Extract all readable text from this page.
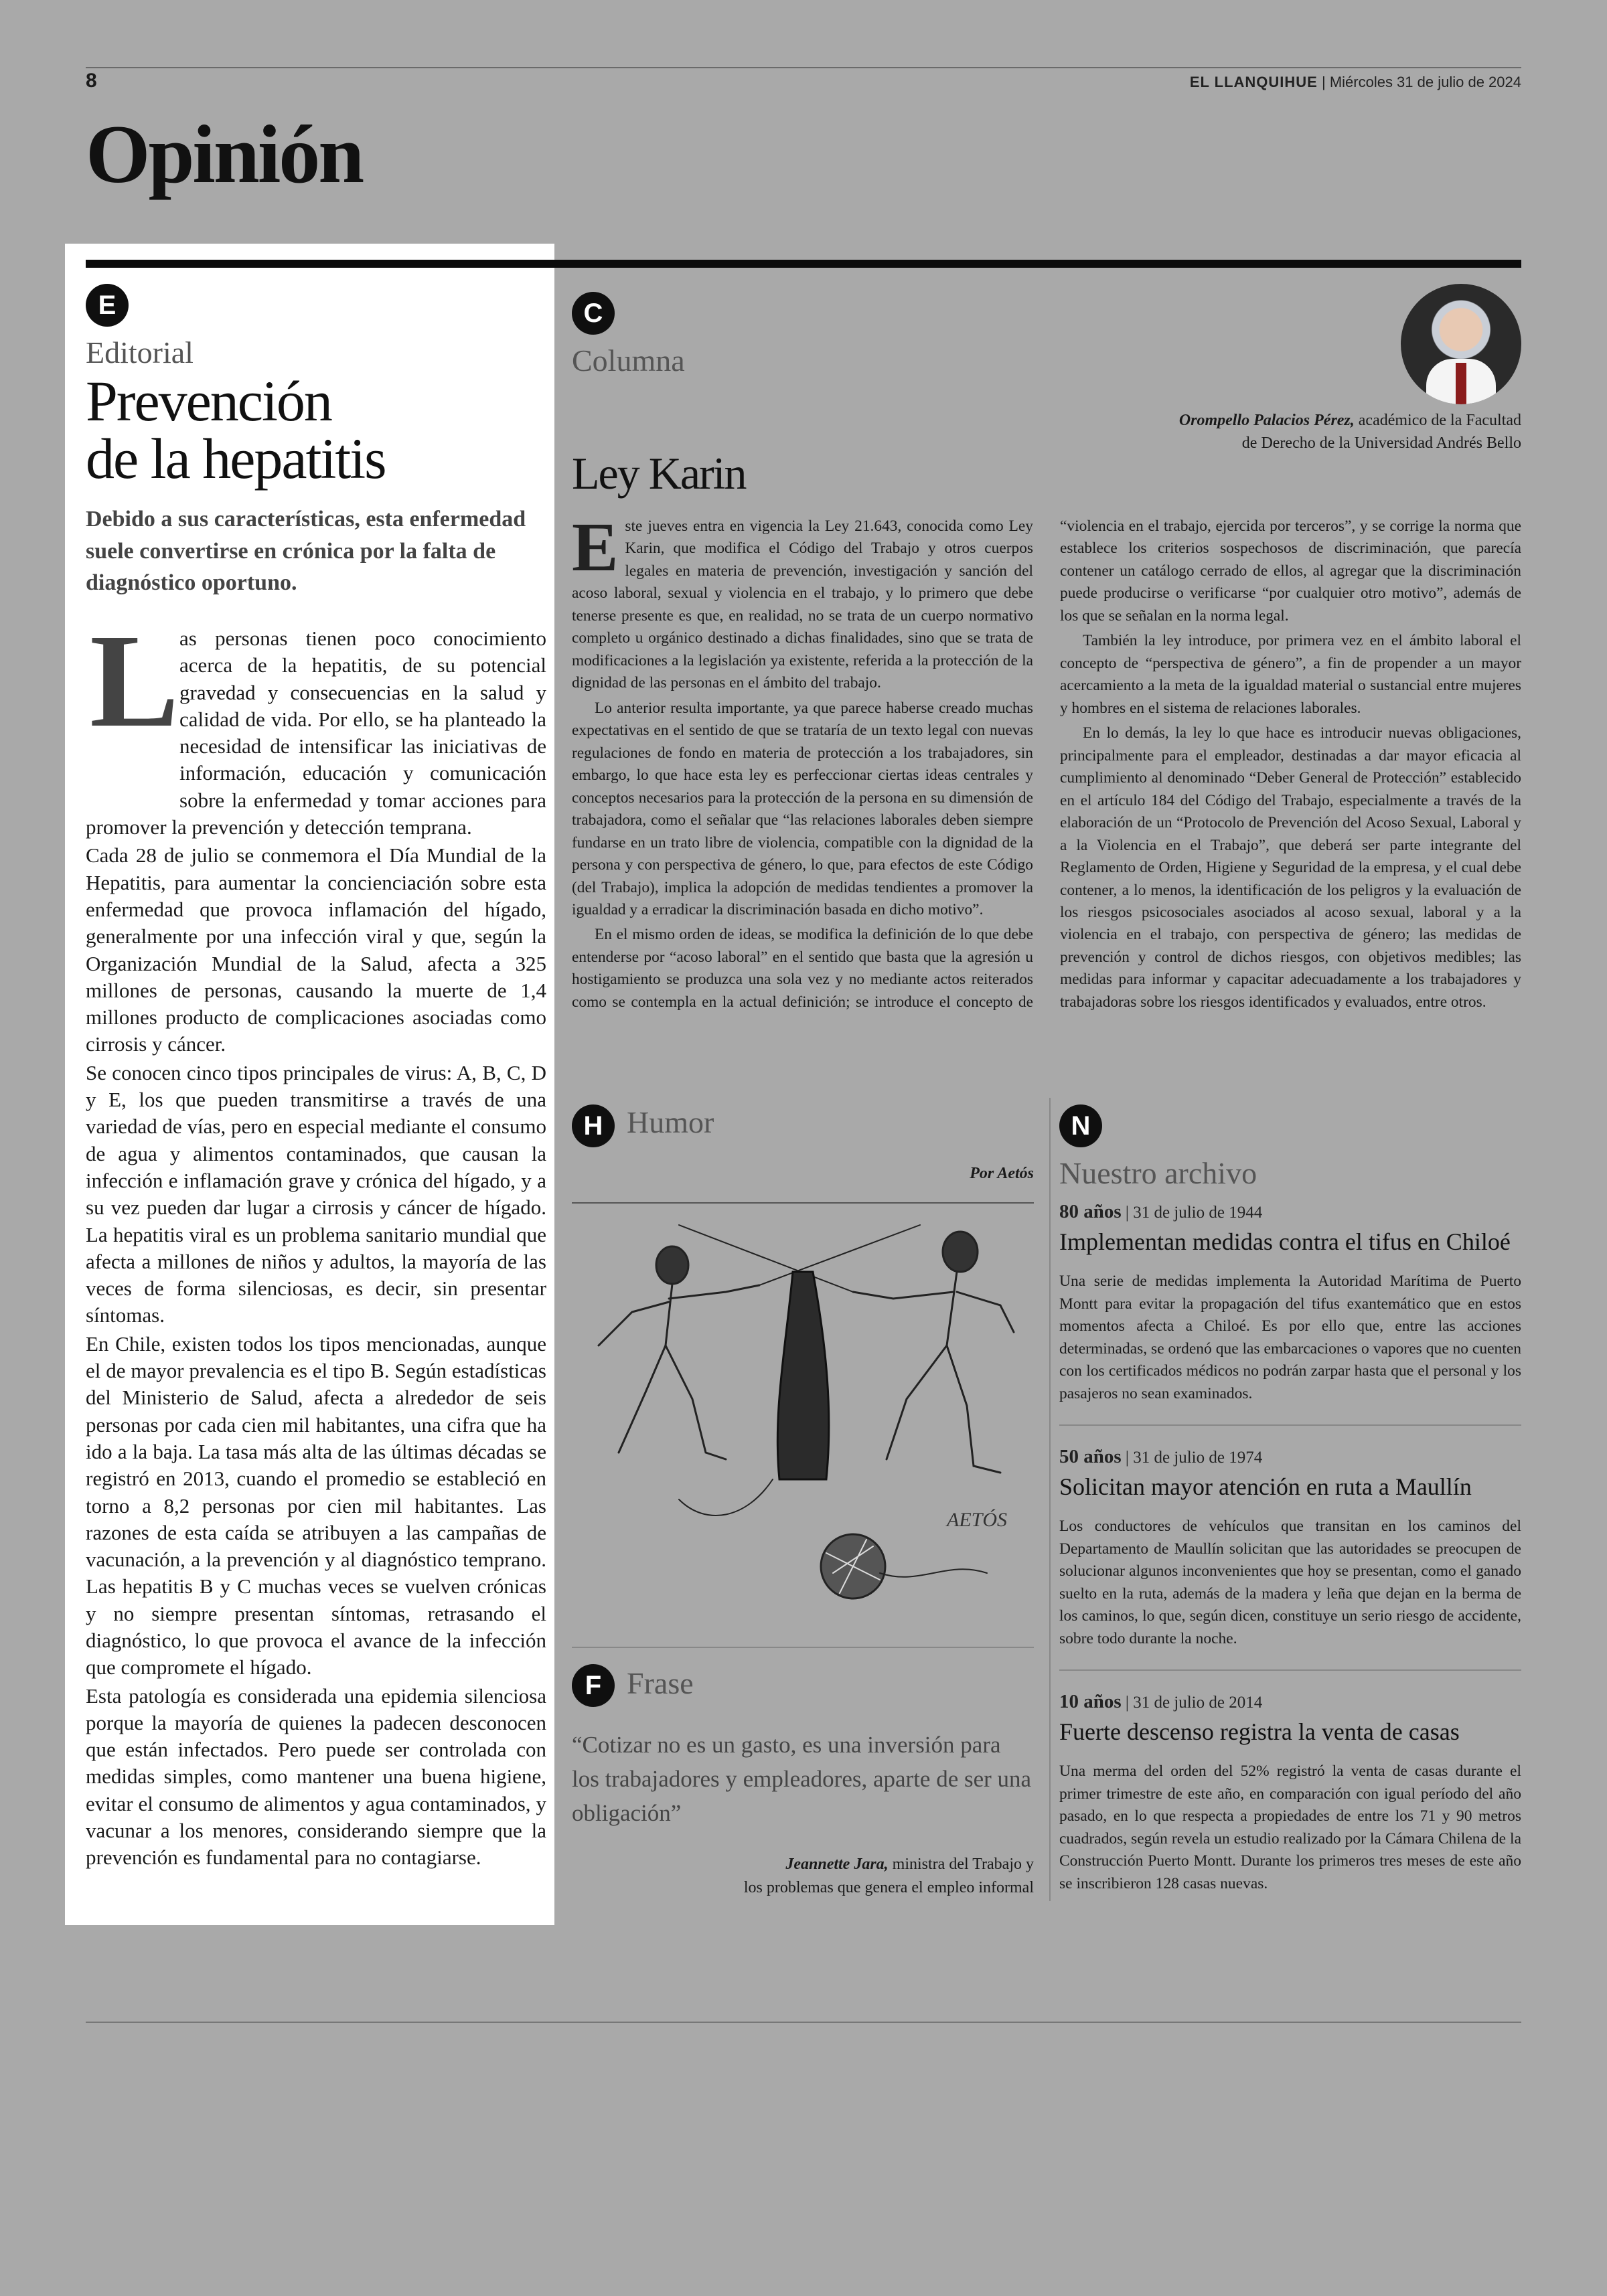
8	EL LLANQUIHUE | Miércoles 31 de julio de 2024
Opinión
E
Editorial
Prevención
de la hepatitis
Debido a sus características, esta enfermedad suele convertirse en crónica por la falta de diagnóstico oportuno.
L as personas tienen poco conocimiento acerca de la hepatitis, de su potencial gravedad y consecuencias en la salud y calidad de vida. Por ello, se ha planteado la necesidad de intensificar las iniciativas de información, educación y comunicación sobre la enfermedad y tomar acciones para promover la prevención y detección temprana.

Cada 28 de julio se conmemora el Día Mundial de la Hepatitis, para aumentar la concienciación sobre esta enfermedad que provoca inflamación del hígado, generalmente por una infección viral y que, según la Organización Mundial de la Salud, afecta a 325 millones de personas, causando la muerte de 1,4 millones producto de complicaciones asociadas como cirrosis y cáncer.

Se conocen cinco tipos principales de virus: A, B, C, D y E, los que pueden transmitirse a través de una variedad de vías, pero en especial mediante el consumo de agua y alimentos contaminados, que causan la infección e inflamación grave y crónica del hígado, y a su vez pueden dar lugar a cirrosis y cáncer de hígado. La hepatitis viral es un problema sanitario mundial que afecta a millones de niños y adultos, la mayoría de las veces de forma silenciosas, es decir, sin presentar síntomas.

En Chile, existen todos los tipos mencionadas, aunque el de mayor prevalencia es el tipo B. Según estadísticas del Ministerio de Salud, afecta a alrededor de seis personas por cada cien mil habitantes, una cifra que ha ido a la baja. La tasa más alta de las últimas décadas se registró en 2013, cuando el promedio se estableció en torno a 8,2 personas por cien mil habitantes. Las razones de esta caída se atribuyen a las campañas de vacunación, a la prevención y al diagnóstico temprano. Las hepatitis B y C muchas veces se vuelven crónicas y no siempre presentan síntomas, retrasando el diagnóstico, lo que provoca el avance de la infección que compromete el hígado.

Esta patología es considerada una epidemia silenciosa porque la mayoría de quienes la padecen desconocen que están infectados. Pero puede ser controlada con medidas simples, como mantener una buena higiene, evitar el consumo de alimentos y agua contaminados, y vacunar a los menores, considerando siempre que la prevención es fundamental para no contagiarse.

C
Columna
Orompello Palacios Pérez, académico de la Facultad
de Derecho de la Universidad Andrés Bello
Ley Karin

Este jueves entra en vigencia la Ley 21.643, conocida como Ley Karin, que modifica el Código del Trabajo y otros cuerpos legales en materia de prevención, investigación y sanción del acoso laboral, sexual y violencia en el trabajo, y lo primero que debe tenerse presente es que, en realidad, no se trata de un cuerpo normativo completo u orgánico destinado a dichas finalidades, sino que se trata de modificaciones a la legislación ya existente, referida a la protección de la dignidad de las personas en el ámbito del trabajo.

Lo anterior resulta importante, ya que parece haberse creado muchas expectativas en el sentido de que se trataría de un texto legal con nuevas regulaciones de fondo en materia de protección a los trabajadores, sin embargo, lo que hace esta ley es perfeccionar ciertas ideas centrales y conceptos necesarios para la protección de la persona en su dimensión de trabajadora, como el señalar que “las relaciones laborales deben siempre fundarse en un trato libre de violencia, compatible con la dignidad de la persona y con perspectiva de género, lo que, para efectos de este Código (del Trabajo), implica la adopción de medidas tendientes a promover la igualdad y a erradicar la discriminación basada en dicho motivo”.

En el mismo orden de ideas, se modifica la definición de lo que debe entenderse por “acoso laboral” en el sentido que basta que la agresión u hostigamiento se produzca una sola vez y no mediante actos reiterados como se contempla en la actual definición; se introduce el concepto de “violencia en el trabajo, ejercida por terceros”, y se corrige la norma que establece los criterios sospechosos de discriminación, que parecía contener un catálogo cerrado de ellos, al agregar que la discriminación puede producirse o verificarse “por cualquier otro motivo”, además de los que se señalan en la norma legal.

También la ley introduce, por primera vez en el ámbito laboral el concepto de “perspectiva de género”, a fin de propender a un mayor acercamiento a la meta de la igualdad material o sustancial entre mujeres y hombres en el sistema de relaciones laborales.

En lo demás, la ley lo que hace es introducir nuevas obligaciones, principalmente para el empleador, destinadas a dar mayor eficacia al cumplimiento al denominado “Deber General de Protección” establecido en el artículo 184 del Código del Trabajo, especialmente a través de la elaboración de un “Protocolo de Prevención del Acoso Sexual, Laboral y a la Violencia en el Trabajo”, que deberá ser parte integrante del Reglamento de Orden, Higiene y Seguridad de la empresa, y el cual debe contener, a lo menos, la identificación de los peligros y la evaluación de los riesgos psicosociales asociados al acoso sexual, laboral y a la violencia en el trabajo, con perspectiva de género; las medidas de prevención y control de dichos riesgos, con objetivos medibles; las medidas para informar y capacitar adecuadamente a los trabajadores y trabajadoras sobre los riesgos identificados y evaluados, entre otros.

H Humor
Por Aetós
AETÓS
F Frase
“Cotizar no es un gasto, es una inversión para los trabajadores y empleadores, aparte de ser una obligación”
Jeannette Jara, ministra del Trabajo y
los problemas que genera el empleo informal
N
Nuestro archivo
80 años | 31 de julio de 1944
Implementan medidas contra el tifus en Chiloé
Una serie de medidas implementa la Autoridad Marítima de Puerto Montt para evitar la propagación del tifus exantemático que en estos momentos afecta a Chiloé. Es por ello que, entre las acciones determinadas, se ordenó que las embarcaciones o vapores que no cuenten con los certificados médicos no podrán zarpar hasta que el personal y los pasajeros no sean examinados.
50 años | 31 de julio de 1974
Solicitan mayor atención en ruta a Maullín
Los conductores de vehículos que transitan en los caminos del Departamento de Maullín solicitan que las autoridades se preocupen de solucionar algunos inconvenientes que hoy se presentan, como el ganado suelto en la ruta, además de la madera y leña que dejan en la berma de los caminos, lo que, según dicen, constituye un serio riesgo de accidente, sobre todo durante la noche.
10 años | 31 de julio de 2014
Fuerte descenso registra la venta de casas
Una merma del orden del 52% registró la venta de casas durante el primer trimestre de este año, en comparación con igual período del año pasado, en lo que respecta a propiedades de entre los 71 y 90 metros cuadrados, según revela un estudio realizado por la Cámara Chilena de la Construcción Puerto Montt. Durante los primeros tres meses de este año se inscribieron 128 casas nuevas.
